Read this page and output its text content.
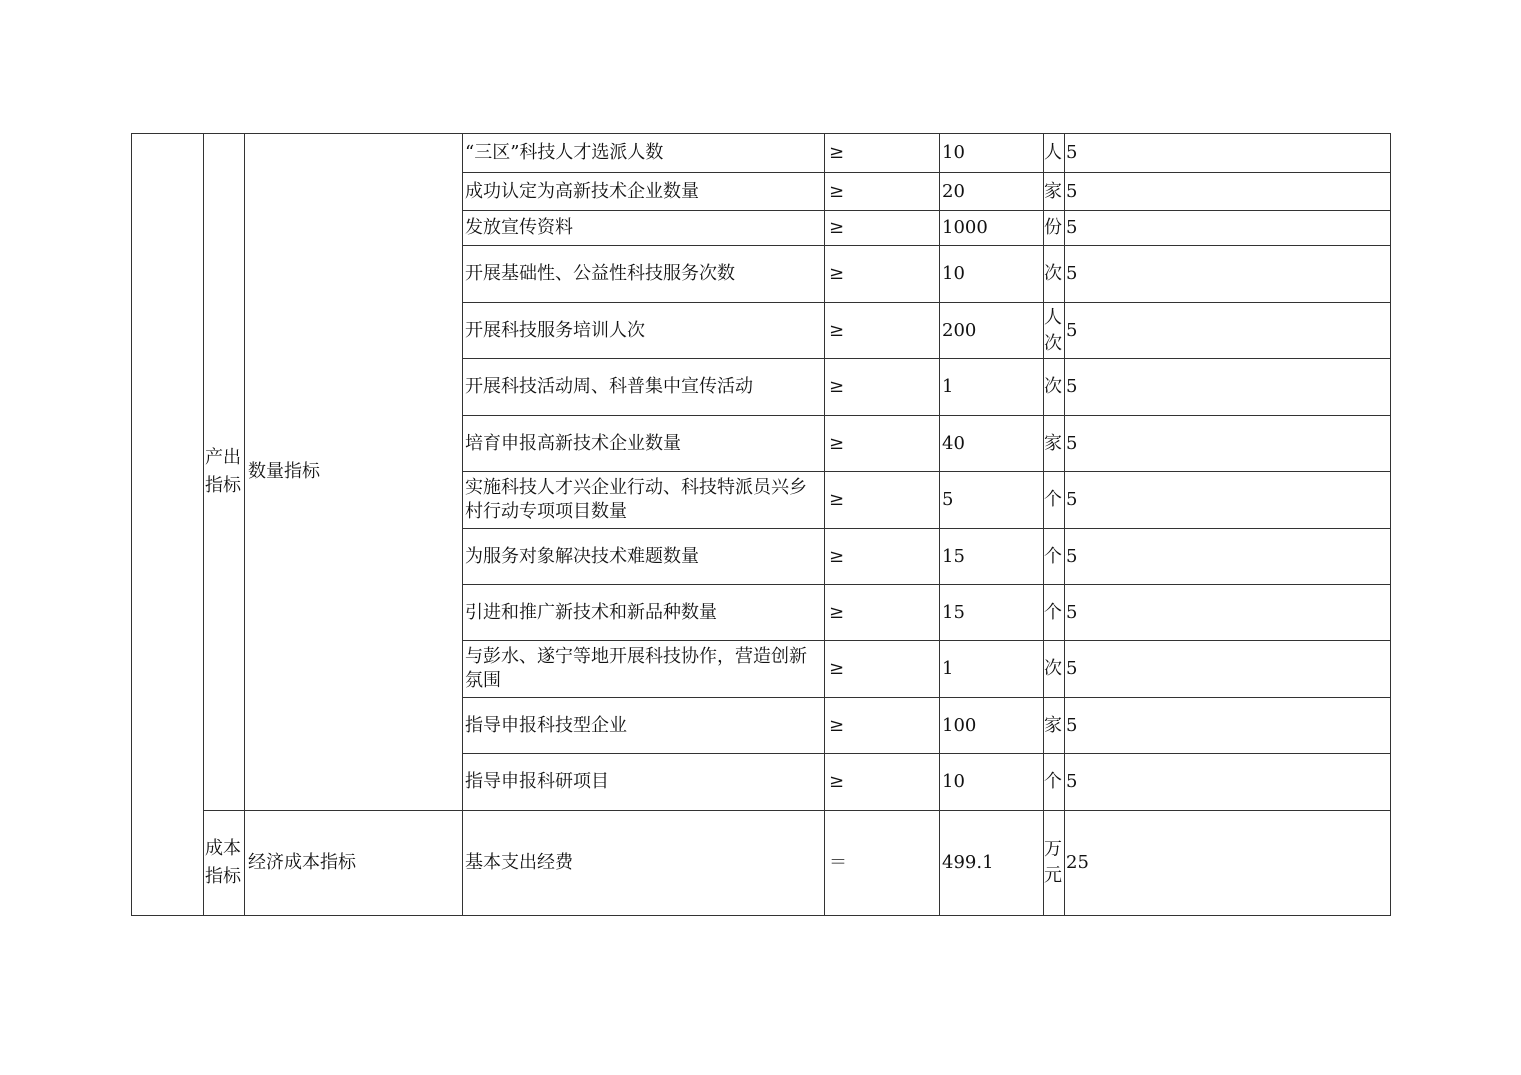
	产出指标	数量指标	“三区”科技人才选派人数	≥	10	人	5
			成功认定为高新技术企业数量	≥	20	家	5
			发放宣传资料	≥	1000	份	5
			开展基础性、公益性科技服务次数	≥	10	次	5
			开展科技服务培训人次	≥	200	人次	5
			开展科技活动周、科普集中宣传活动	≥	1	次	5
			培育申报高新技术企业数量	≥	40	家	5
			实施科技人才兴企业行动、科技特派员兴乡村行动专项项目数量	≥	5	个	5
			为服务对象解决技术难题数量	≥	15	个	5
			引进和推广新技术和新品种数量	≥	15	个	5
			与彭水、遂宁等地开展科技协作，营造创新氛围	≥	1	次	5
			指导申报科技型企业	≥	100	家	5
			指导申报科研项目	≥	10	个	5
	成本指标	经济成本指标	基本支出经费	＝	499.1	万元	25
